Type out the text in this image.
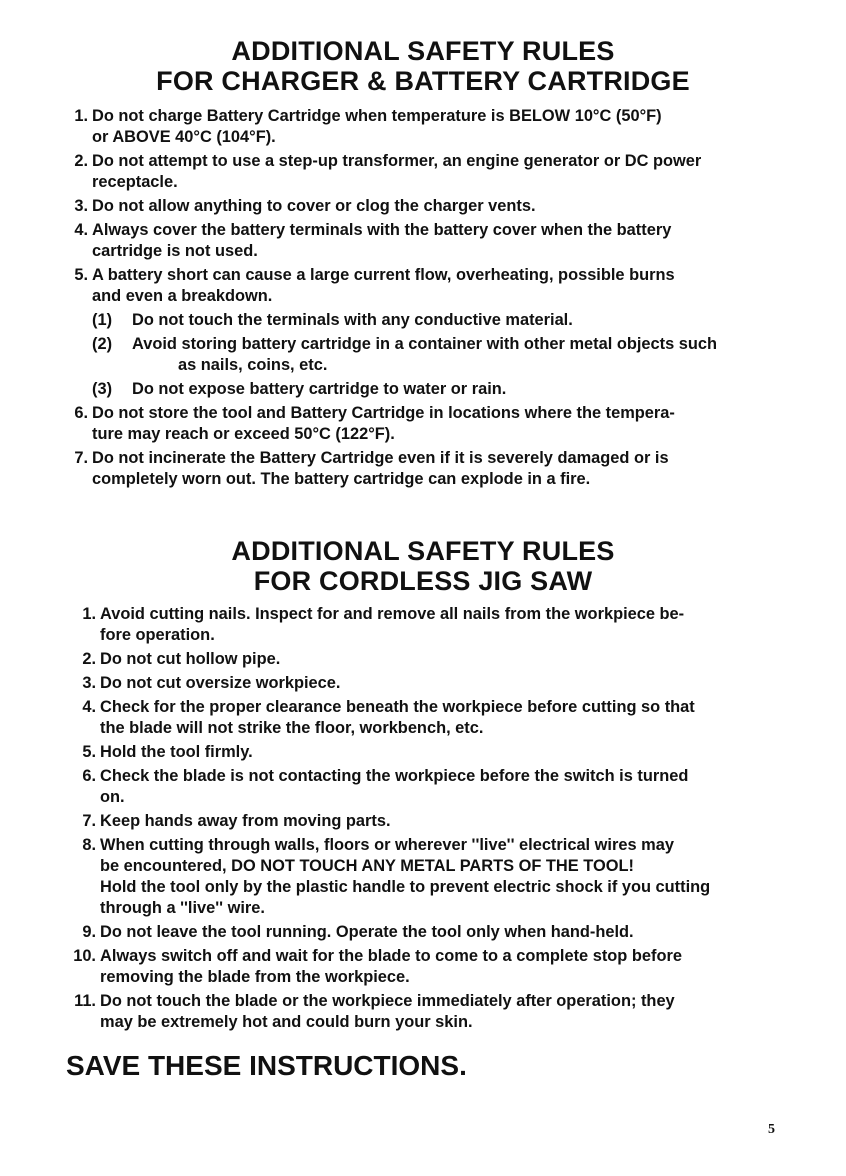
ADDITIONAL SAFETY RULES
FOR CHARGER & BATTERY CARTRIDGE
1. Do not charge Battery Cartridge when temperature is BELOW 10°C (50°F)
or ABOVE 40°C (104°F).
2. Do not attempt to use a step-up transformer, an engine generator or DC power
receptacle.
3. Do not allow anything to cover or clog the charger vents.
4. Always cover the battery terminals with the battery cover when the battery
cartridge is not used.
5. A battery short can cause a large current flow, overheating, possible burns
and even a breakdown.
(1) Do not touch the terminals with any conductive material.
(2) Avoid storing battery cartridge in a container with other metal objects such
as nails, coins, etc.
(3) Do not expose battery cartridge to water or rain.
6. Do not store the tool and Battery Cartridge in locations where the tempera-
ture may reach or exceed 50°C (122°F).
7. Do not incinerate the Battery Cartridge even if it is severely damaged or is
completely worn out. The battery cartridge can explode in a fire.
ADDITIONAL SAFETY RULES
FOR CORDLESS JIG SAW
1. Avoid cutting nails. Inspect for and remove all nails from the workpiece be-
fore operation.
2. Do not cut hollow pipe.
3. Do not cut oversize workpiece.
4. Check for the proper clearance beneath the workpiece before cutting so that
the blade will not strike the floor, workbench, etc.
5. Hold the tool firmly.
6. Check the blade is not contacting the workpiece before the switch is turned
on.
7. Keep hands away from moving parts.
8. When cutting through walls, floors or wherever ''live'' electrical wires may
be encountered, DO NOT TOUCH ANY METAL PARTS OF THE TOOL!
Hold the tool only by the plastic handle to prevent electric shock if you cutting
through a ''live'' wire.
9. Do not leave the tool running. Operate the tool only when hand-held.
10. Always switch off and wait for the blade to come to a complete stop before
removing the blade from the workpiece.
11. Do not touch the blade or the workpiece immediately after operation; they
may be extremely hot and could burn your skin.
SAVE THESE INSTRUCTIONS.
5
